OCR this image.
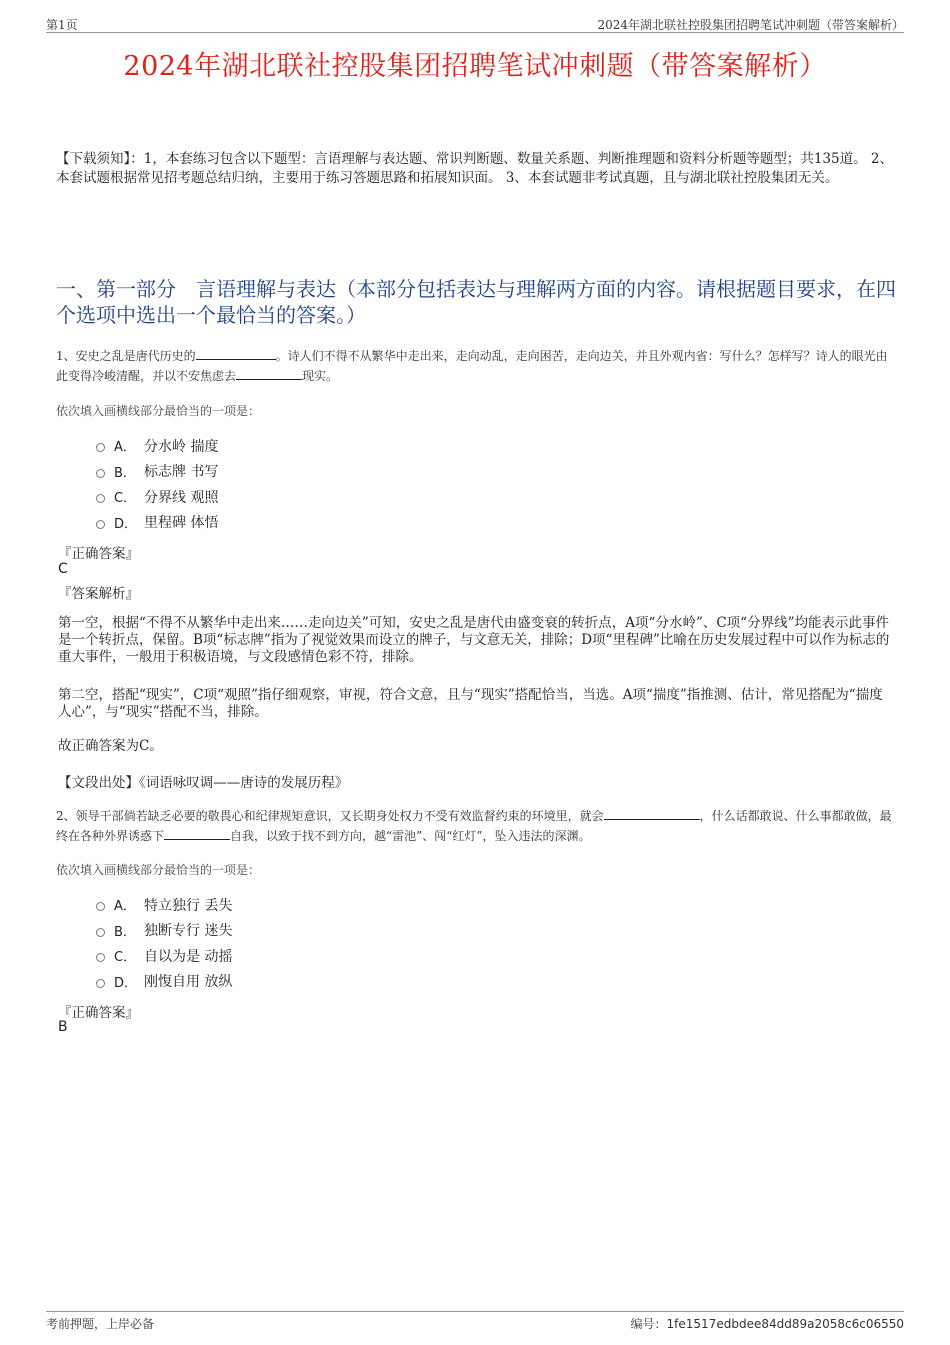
第1页	2024年湖北联社控股集团招聘笔试冲刺题（带答案解析）
2024年湖北联社控股集团招聘笔试冲刺题（带答案解析）
【下载须知】：1，本套练习包含以下题型：言语理解与表达题、常识判断题、数量关系题、判断推理题和资料分析题等题型；共135道。 2、本套试题根据常见招考题总结归纳，主要用于练习答题思路和拓展知识面。 3、本套试题非考试真题，且与湖北联社控股集团无关。
一、第一部分　言语理解与表达（本部分包括表达与理解两方面的内容。请根据题目要求，在四个选项中选出一个最恰当的答案。）
1、安史之乱是唐代历史的	。诗人们不得不从繁华中走出来，走向动乱，走向困苦，走向边关，并且外观内省：写什么？怎样写？诗人的眼光由此变得冷峻清醒，并以不安焦虑去	现实。
依次填入画横线部分最恰当的一项是：
A． 分水岭 揣度
B． 标志牌 书写
C． 分界线 观照
D． 里程碑 体悟
『正确答案』
C
『答案解析』
第一空，根据“不得不从繁华中走出来……走向边关”可知，安史之乱是唐代由盛变衰的转折点，A项“分水岭”、C项“分界线”均能表示此事件是一个转折点，保留。B项“标志牌”指为了视觉效果而设立的牌子，与文意无关，排除；D项“里程碑”比喻在历史发展过程中可以作为标志的重大事件，一般用于积极语境，与文段感情色彩不符，排除。
第二空，搭配“现实”，C项“观照”指仔细观察，审视，符合文意，且与“现实”搭配恰当，当选。A项“揣度”指推测、估计，常见搭配为“揣度人心”，与“现实”搭配不当，排除。
故正确答案为C。
【文段出处】《词语咏叹调——唐诗的发展历程》
2、领导干部倘若缺乏必要的敬畏心和纪律规矩意识，又长期身处权力不受有效监督约束的环境里，就会	，什么话都敢说、什么事都敢做，最终在各种外界诱惑下	自我，以致于找不到方向，越“雷池”、闯“红灯”，坠入违法的深渊。
依次填入画横线部分最恰当的一项是：
A． 特立独行 丢失
B． 独断专行 迷失
C． 自以为是 动摇
D． 刚愎自用 放纵
『正确答案』
B
考前押题，上岸必备	编号：1fe1517edbdee84dd89a2058c6c06550
